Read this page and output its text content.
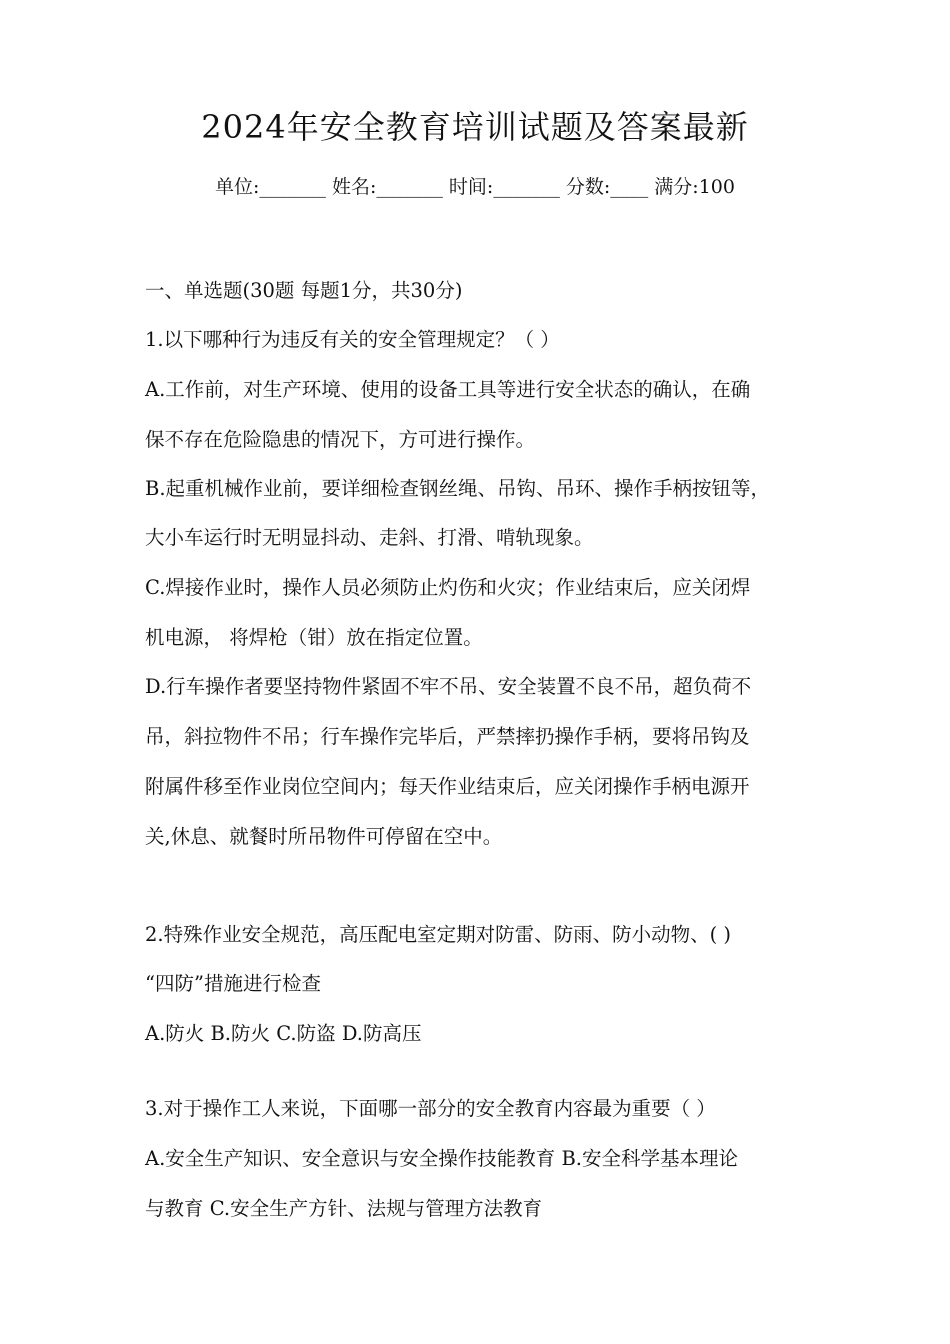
2024年安全教育培训试题及答案最新
单位:_______ 姓名:_______ 时间:_______ 分数:____ 满分:100
一、单选题(30题 每题1分，共30分)
1.以下哪种行为违反有关的安全管理规定？（ ）
A.工作前，对生产环境、使用的设备工具等进行安全状态的确认，在确
保不存在危险隐患的情况下，方可进行操作。
B.起重机械作业前，要详细检查钢丝绳、吊钩、吊环、操作手柄按钮等，
大小车运行时无明显抖动、走斜、打滑、啃轨现象。
C.焊接作业时，操作人员必须防止灼伤和火灾；作业结束后，应关闭焊
机电源， 将焊枪（钳）放在指定位置。
D.行车操作者要坚持物件紧固不牢不吊、安全装置不良不吊，超负荷不
吊，斜拉物件不吊；行车操作完毕后，严禁摔扔操作手柄，要将吊钩及
附属件移至作业岗位空间内；每天作业结束后，应关闭操作手柄电源开
关,休息、就餐时所吊物件可停留在空中。
2.特殊作业安全规范，高压配电室定期对防雷、防雨、防小动物、( )
“四防”措施进行检查
A.防火 B.防火 C.防盗 D.防高压
3.对于操作工人来说，下面哪一部分的安全教育内容最为重要（ ）
A.安全生产知识、安全意识与安全操作技能教育 B.安全科学基本理论
与教育 C.安全生产方针、法规与管理方法教育
